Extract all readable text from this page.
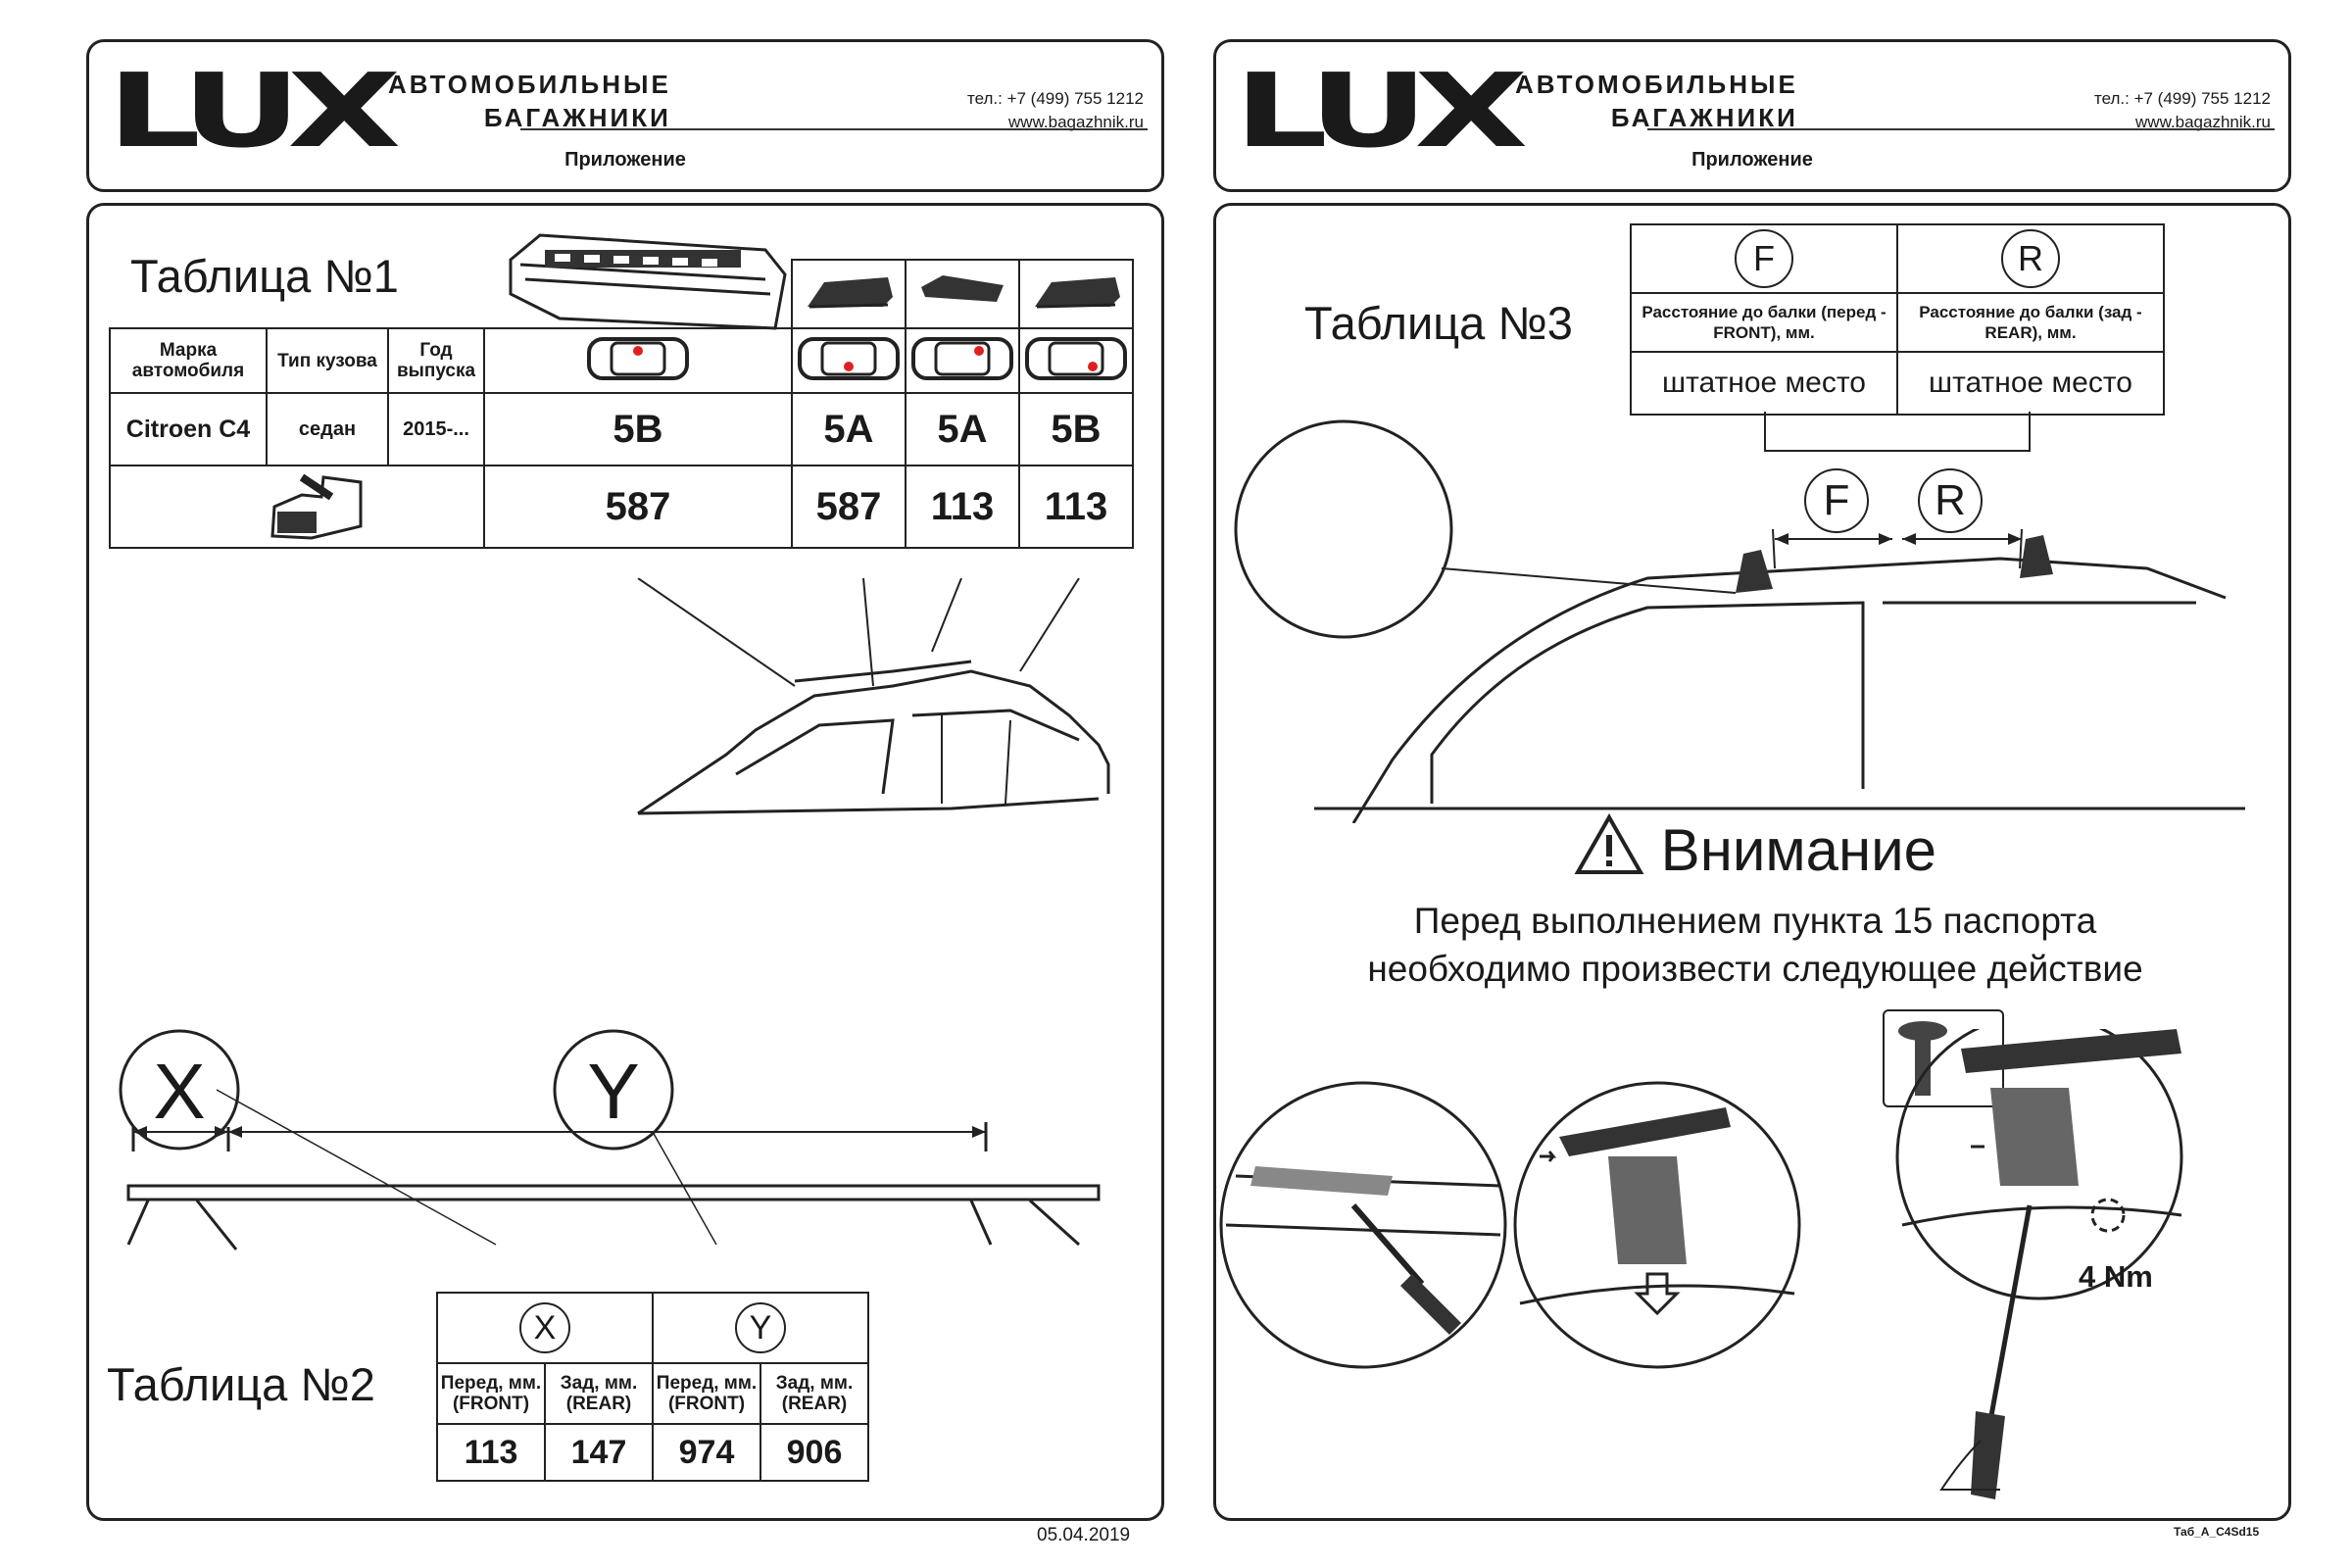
LUX АВТОМОБИЛЬНЫЕ
БАГАЖНИКИ
тел.: +7 (499) 755 1212
www.bagazhnik.ru
Приложение
Таблица №1

Марка автомобиля	Тип кузова	Год выпуска				
Citroen C4	седан	2015-...	5B	5A	5A	5B
	587	587	113	113
X	Y
Таблица №2
X		Y	
Перед, мм. (FRONT)	Зад, мм. (REAR)	Перед, мм. (FRONT)	Зад, мм. (REAR)
113	147	974	906
05.04.2019
LUX АВТОМОБИЛЬНЫЕ
БАГАЖНИКИ
тел.: +7 (499) 755 1212
www.bagazhnik.ru
Приложение
Таблица №3
F	R
Расстояние до балки (перед - FRONT), мм.	Расстояние до балки (зад - REAR), мм.
штатное место	штатное место
F	R
Внимание
Перед выполнением пункта 15 паспорта
необходимо произвести следующее действие
4 Nm
Таб_А_C4Sd15
